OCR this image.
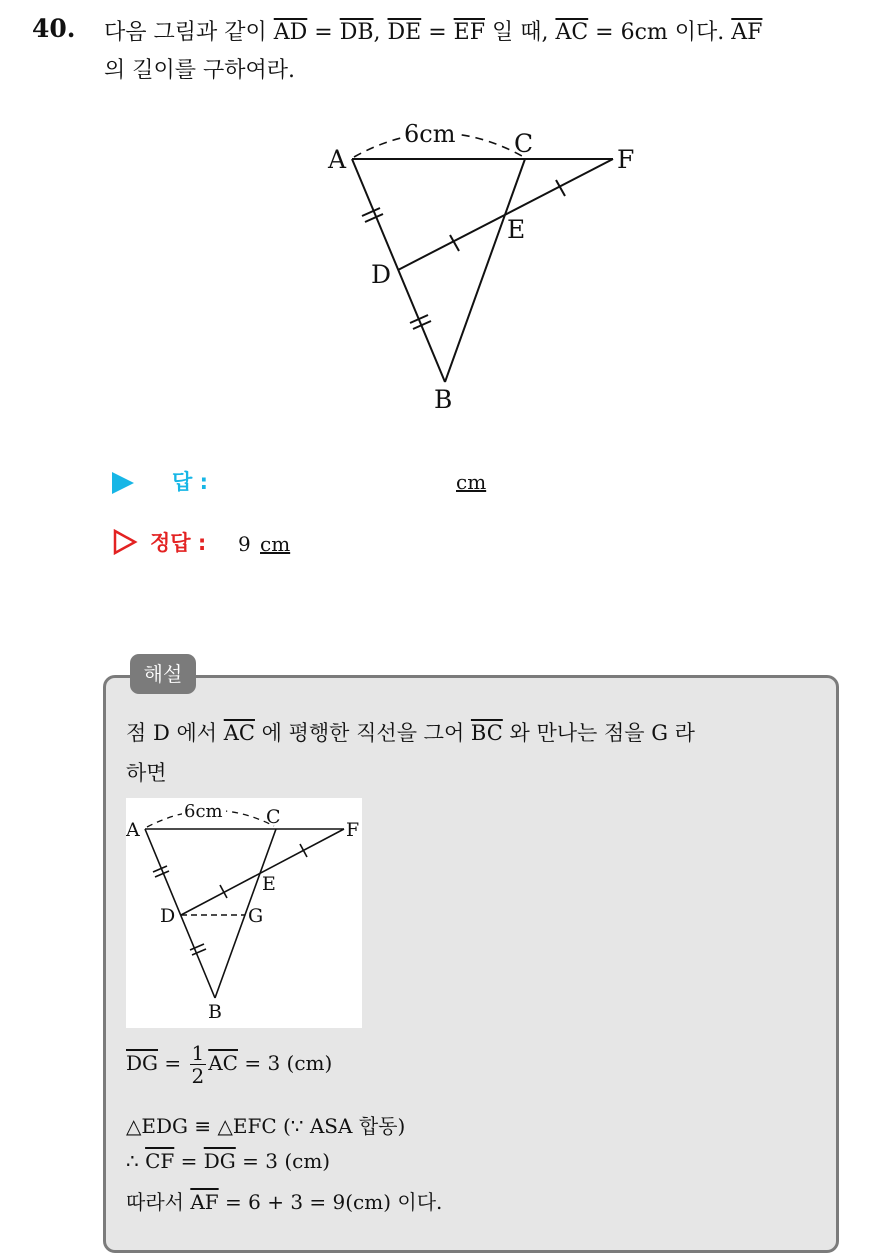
40. 다음 그림과 같이 $\overline{AD} = \overline{DB}$, $\overline{DE} = \overline{EF}$ 일 때, $\overline{AC} = 6cm$ 이다. $\overline{AF}$
의 길이를 구하여라.
6cm
A
C
F
E
D
B
답 :	cm
정답 : 9 cm
해설
점 D 에서 $\overline{AC}$ 에 평행한 직선을 그어 $\overline{BC}$ 와 만나는 점을 G 라
하면
6cm
A
C
F
E
D	G
B
$\overline{DG} = \frac{1}{2} \overline{AC} = 3$ (cm)
△EDG ≡ △EFC (∵ ASA 합동)
∴ $\overline{CF} = \overline{DG} = 3$ (cm)
따라서 $\overline{AF} = 6 + 3 = 9(cm)$ 이다.
